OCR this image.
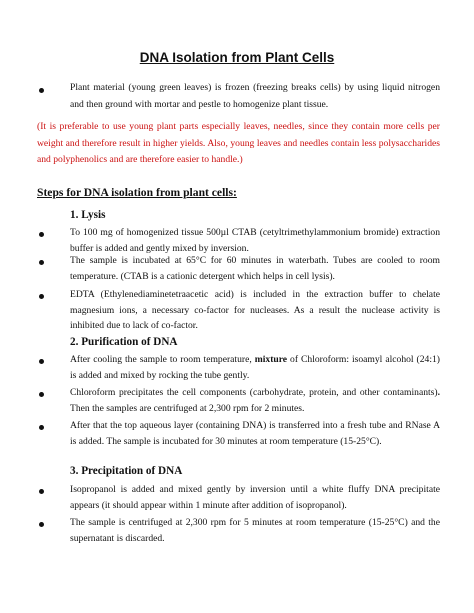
DNA Isolation from Plant Cells
Plant material (young green leaves) is frozen (freezing breaks cells) by using liquid nitrogen and then ground with mortar and pestle to homogenize plant tissue.
(It is preferable to use young plant parts especially leaves, needles, since they contain more cells per weight and therefore result in higher yields. Also, young leaves and needles contain less polysaccharides and polyphenolics and are therefore easier to handle.)
Steps for DNA isolation from plant cells:
1. Lysis
To 100 mg of homogenized tissue 500µl CTAB (cetyltrimethylammonium bromide) extraction buffer is added and gently mixed by inversion.
The sample is incubated at 65°C for 60 minutes in waterbath. Tubes are cooled to room temperature. (CTAB is a cationic detergent which helps in cell lysis).
EDTA (Ethylenediaminetetraacetic acid) is included in the extraction buffer to chelate magnesium ions, a necessary co-factor for nucleases. As a result the nuclease activity is inhibited due to lack of co-factor.
2. Purification of DNA
After cooling the sample to room temperature, mixture of Chloroform: isoamyl alcohol (24:1) is added and mixed by rocking the tube gently.
Chloroform precipitates the cell components (carbohydrate, protein, and other contaminants). Then the samples are centrifuged at 2,300 rpm for 2 minutes.
After that the top aqueous layer (containing DNA) is transferred into a fresh tube and RNase A is added. The sample is incubated for 30 minutes at room temperature (15-25°C).
3. Precipitation of DNA
Isopropanol is added and mixed gently by inversion until a white fluffy DNA precipitate appears (it should appear within 1 minute after addition of isopropanol).
The sample is centrifuged at 2,300 rpm for 5 minutes at room temperature (15-25°C) and the supernatant is discarded.
